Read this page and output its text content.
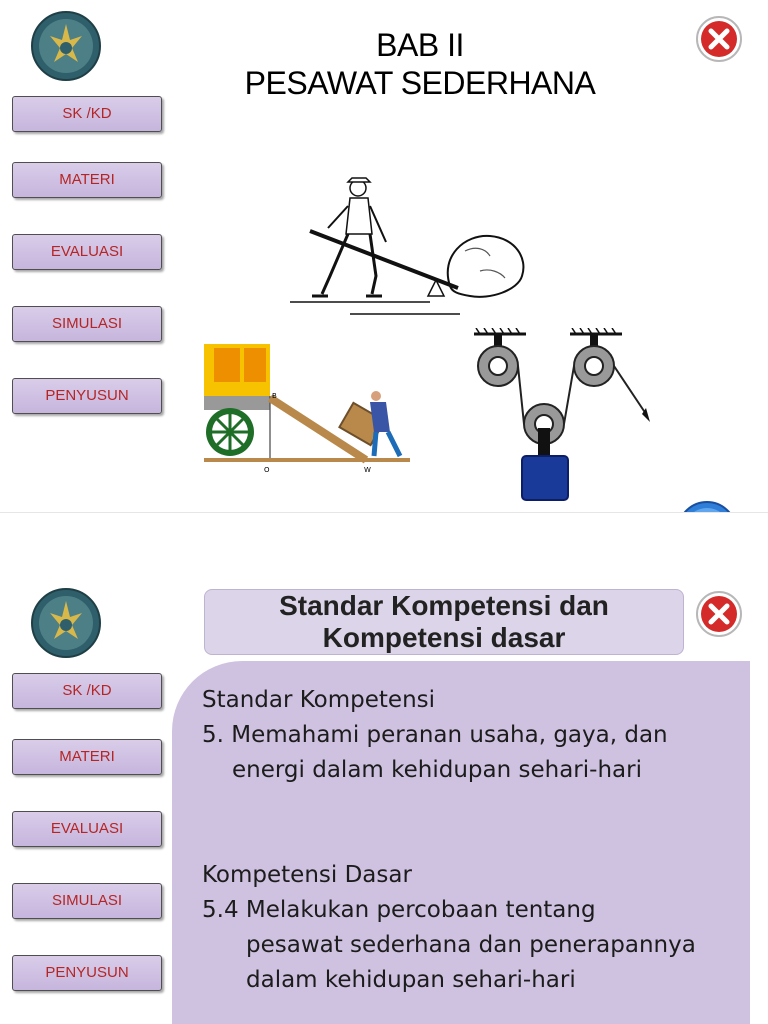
SK /KD
MATERI
EVALUASI
SIMULASI
PENYUSUN
BAB II
PESAWAT SEDERHANA
B
O	W
SK /KD
MATERI
EVALUASI
SIMULASI
PENYUSUN
Standar Kompetensi dan
Kompetensi dasar

Standar Kompetensi

5. Memahami peranan usaha, gaya, dan

energi dalam kehidupan sehari-hari

Kompetensi Dasar

5.4 Melakukan percobaan tentang

pesawat sederhana dan penerapannya

dalam kehidupan sehari-hari
